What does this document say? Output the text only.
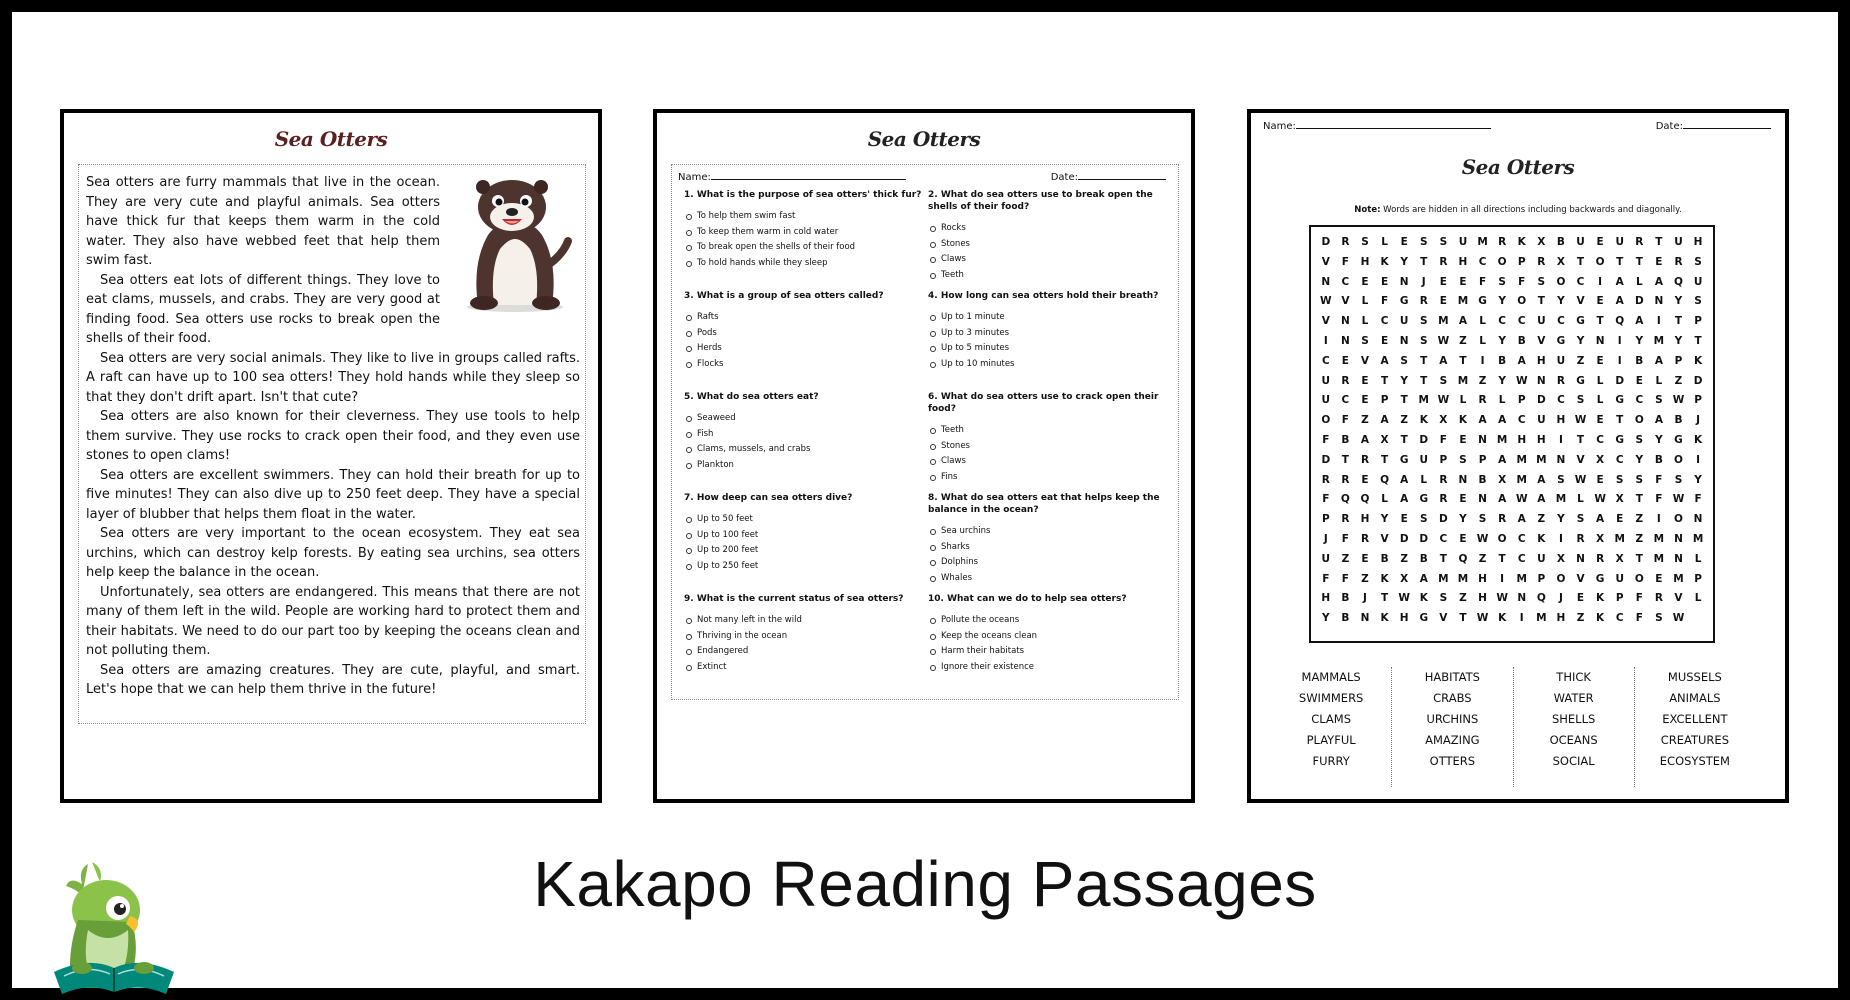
Sea Otters
Sea otters are furry mammals that live in the ocean. They are very cute and playful animals. Sea otters have thick fur that keeps them warm in the cold water. They also have webbed feet that help them swim fast.
Sea otters eat lots of different things. They love to eat clams, mussels, and crabs. They are very good at finding food. Sea otters use rocks to break open the shells of their food.
Sea otters are very social animals. They like to live in groups called rafts. A raft can have up to 100 sea otters! They hold hands while they sleep so that they don't drift apart. Isn't that cute?
Sea otters are also known for their cleverness. They use tools to help them survive. They use rocks to crack open their food, and they even use stones to open clams!
Sea otters are excellent swimmers. They can hold their breath for up to five minutes! They can also dive up to 250 feet deep. They have a special layer of blubber that helps them float in the water.
Sea otters are very important to the ocean ecosystem. They eat sea urchins, which can destroy kelp forests. By eating sea urchins, sea otters help keep the balance in the ocean.
Unfortunately, sea otters are endangered. This means that there are not many of them left in the wild. People are working hard to protect them and their habitats. We need to do our part too by keeping the oceans clean and not polluting them.
Sea otters are amazing creatures. They are cute, playful, and smart. Let's hope that we can help them thrive in the future!
Sea Otters
Name:	Date:
1. What is the purpose of sea otters' thick fur?
To help them swim fast
To keep them warm in cold water
To break open the shells of their food
To hold hands while they sleep
3. What is a group of sea otters called?
Rafts
Pods
Herds
Flocks
5. What do sea otters eat?
Seaweed
Fish
Clams, mussels, and crabs
Plankton
7. How deep can sea otters dive?
Up to 50 feet
Up to 100 feet
Up to 200 feet
Up to 250 feet
9. What is the current status of sea otters?
Not many left in the wild
Thriving in the ocean
Endangered
Extinct
2. What do sea otters use to break open the shells of their food?
Rocks
Stones
Claws
Teeth
4. How long can sea otters hold their breath?
Up to 1 minute
Up to 3 minutes
Up to 5 minutes
Up to 10 minutes
6. What do sea otters use to crack open their food?
Teeth
Stones
Claws
Fins
8. What do sea otters eat that helps keep the balance in the ocean?
Sea urchins
Sharks
Dolphins
Whales
10. What can we do to help sea otters?
Pollute the oceans
Keep the oceans clean
Harm their habitats
Ignore their existence
Name:	Date:
Sea Otters
Note: Words are hidden in all directions including backwards and diagonally.
D	R	S	L	E	S	S	U M R	K	X	B	U	E	U	R	T	U	H
V	F	H	K	Y	T	R	H	C	O	P	R	X	T	O	T	T	E	R	S
N	C	E	E	N	J	E	E	F	S	F	S	O	C	I	A	L	A	Q	U
W V	L	F	G	R	E	M G	Y	O	T	Y	V	E	A	D	N	Y	S
V	N	L	C	U	S	M A	L	C	C	U	C	G	T	Q	A	I	T	P
I	N	S	E	N	S W Z	L	Y	B	V	G	Y	N	I	Y	M	Y	T
C	E	V	A	S	T	A	T	I	B	A	H	U	Z	E	I	B	A	P	K
U	R	E	T	Y	T	S	M	Z	Y W N	R	G	L	D	E	L	Z	D
U	C	E	P	T	M W L	R	L	P	D	C	S	L	G	C	S W P
O	F	Z	A	Z	K	X	K	A	A	C	U	H W E	T	O	A	B	J
F	B	A	X	T	D	F	E	N M H	H	I	T	C	G	S	Y	G	K
D	T	R	T	G	U	P	S	P	A M M N	V	X	C	Y	B	O	I
R	R	E	Q	A	L	R	N	B	X M A	S W E	S	S	F	S	Y
F	Q	Q	L	A	G	R	E	N	A W A M	L W X	T	F W F
P	R	H	Y	E	S	D	Y	S	R	A	Z	Y	S	A	E	Z	I	O	N
J	F	R	V	D	D	C	E W O	C	K	I	R	X M	Z	M N M
U	Z	E	B	Z	B	T	Q	Z	T	C	U	X	N	R	X	T	M N	L
F	F	Z	K	X	A M M H	I	M	P	O	V	G	U	O	E	M	P
H	B	J	T W K	S	Z	H W N	Q	J	E	K	P	F	R	V	L
Y	B	N	K	H	G	V	T W K	I	M H	Z	K	C	F	S W
MAMMALS
SWIMMERS
CLAMS
PLAYFUL
FURRY
HABITATS
CRABS
URCHINS
AMAZING
OTTERS
THICK
WATER
SHELLS
OCEANS
SOCIAL
MUSSELS
ANIMALS
EXCELLENT
CREATURES
ECOSYSTEM
Kakapo Reading Passages
